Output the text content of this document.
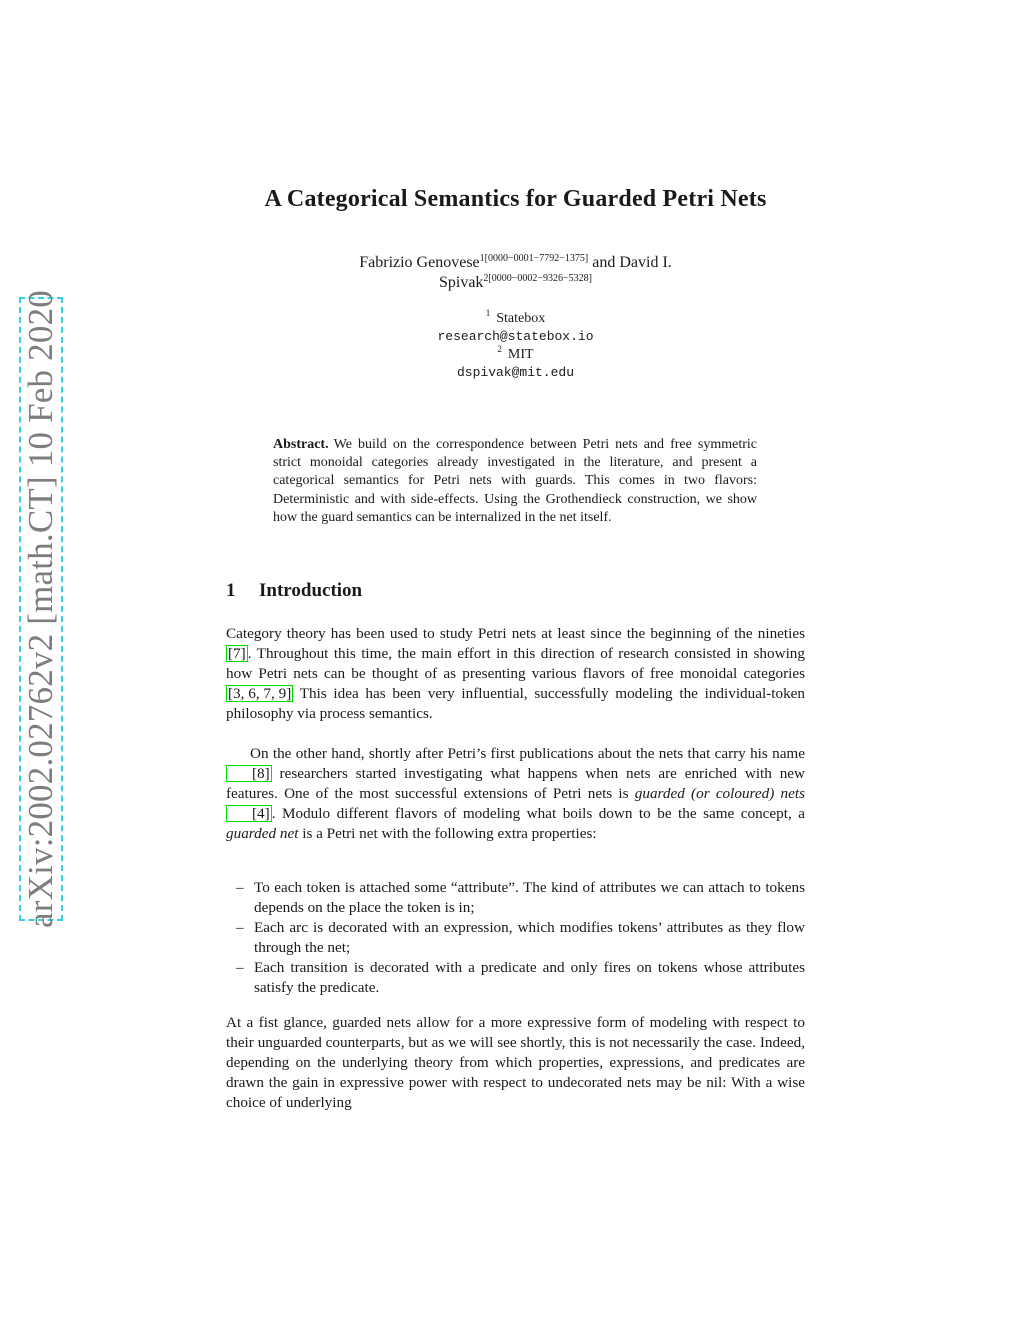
arXiv:2002.02762v2 [math.CT] 10 Feb 2020
A Categorical Semantics for Guarded Petri Nets
Fabrizio Genovese$^{1[0000-0001-7792-1375]}$ and David I.
Spivak$^{2[0000-0002-9326-5328]}$
$^1$ Statebox
research@statebox.io
$^2$ MIT
dspivak@mit.edu
Abstract. We build on the correspondence between Petri nets and free symmetric strict monoidal categories already investigated in the literature, and present a categorical semantics for Petri nets with guards. This comes in two flavors: Deterministic and with side-effects. Using the Grothendieck construction, we show how the guard semantics can be internalized in the net itself.
1 Introduction
Category theory has been used to study Petri nets at least since the beginning of the nineties [7] . Throughout this time, the main effort in this direction of research consisted in showing how Petri nets can be thought of as presenting various flavors of free monoidal categories [3, 6, 7, 9] This idea has been very influential, successfully modeling the individual-token philosophy via process semantics.
On the other hand, shortly after Petri’s first publications about the nets that carry his name [8] researchers started investigating what happens when nets are enriched with new features. One of the most successful extensions of Petri nets is guarded (or coloured) nets [4] . Modulo different flavors of modeling what boils down to be the same concept, a guarded net is a Petri net with the following extra properties:
– To each token is attached some “attribute”. The kind of attributes we can attach to tokens depends on the place the token is in;
– Each arc is decorated with an expression, which modifies tokens’ attributes as they flow through the net;
– Each transition is decorated with a predicate and only fires on tokens whose attributes satisfy the predicate.
At a fist glance, guarded nets allow for a more expressive form of modeling with respect to their unguarded counterparts, but as we will see shortly, this is not necessarily the case. Indeed, depending on the underlying theory from which properties, expressions, and predicates are drawn the gain in expressive power with respect to undecorated nets may be nil: With a wise choice of underlying
